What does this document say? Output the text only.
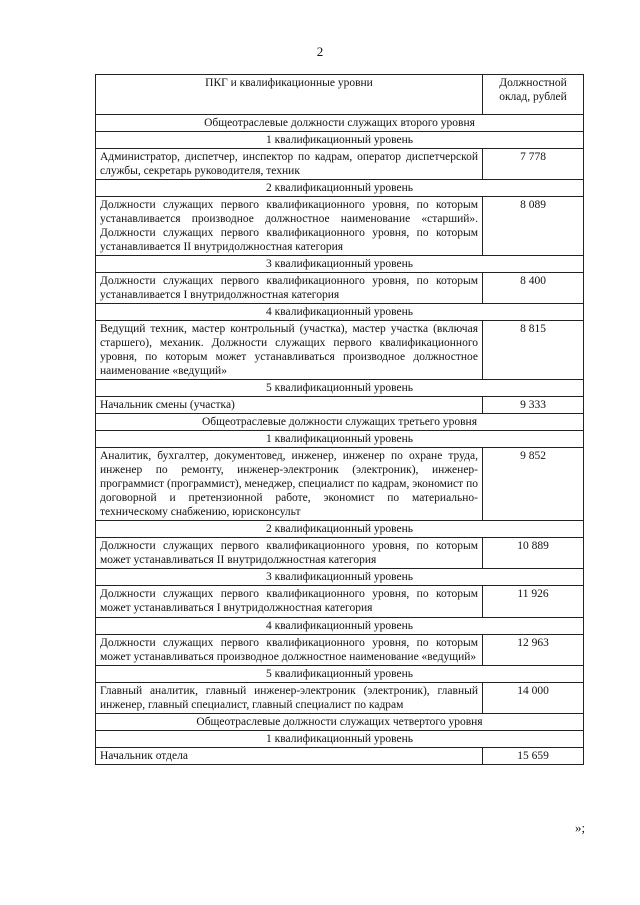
2
ПКГ и квалификационные уровни	Должностной оклад, рублей
Общеотраслевые должности служащих второго уровня	
1 квалификационный уровень	
Администратор, диспетчер, инспектор по кадрам, оператор диспетчерской службы, секретарь руководителя, техник	7 778
2 квалификационный уровень	
Должности служащих первого квалификационного уровня, по которым устанавливается производное должностное наименование «старший». Должности служащих первого квалификационного уровня, по которым устанавливается II внутридолжностная категория	8 089
3 квалификационный уровень	
Должности служащих первого квалификационного уровня, по которым устанавливается I внутридолжностная категория	8 400
4 квалификационный уровень	
Ведущий техник, мастер контрольный (участка), мастер участка (включая старшего), механик. Должности служащих первого квалификационного уровня, по которым может устанавливаться производное должностное наименование «ведущий»	8 815
5 квалификационный уровень	
Начальник смены (участка)	9 333
Общеотраслевые должности служащих третьего уровня	
1 квалификационный уровень	
Аналитик, бухгалтер, документовед, инженер, инженер по охране труда, инженер по ремонту, инженер-электроник (электроник), инженер-программист (программист), менеджер, специалист по кадрам, экономист по договорной и претензионной работе, экономист по материально-техническому снабжению, юрисконсульт	9 852
2 квалификационный уровень	
Должности служащих первого квалификационного уровня, по которым может устанавливаться II внутридолжностная категория	10 889
3 квалификационный уровень	
Должности служащих первого квалификационного уровня, по которым может устанавливаться I внутридолжностная категория	11 926
4 квалификационный уровень	
Должности служащих первого квалификационного уровня, по которым может устанавливаться производное должностное наименование «ведущий»	12 963
5 квалификационный уровень	
Главный аналитик, главный инженер-электроник (электроник), главный инженер, главный специалист, главный специалист по кадрам	14 000
Общеотраслевые должности служащих четвертого уровня	
1 квалификационный уровень	
Начальник отдела	15 659
»;
